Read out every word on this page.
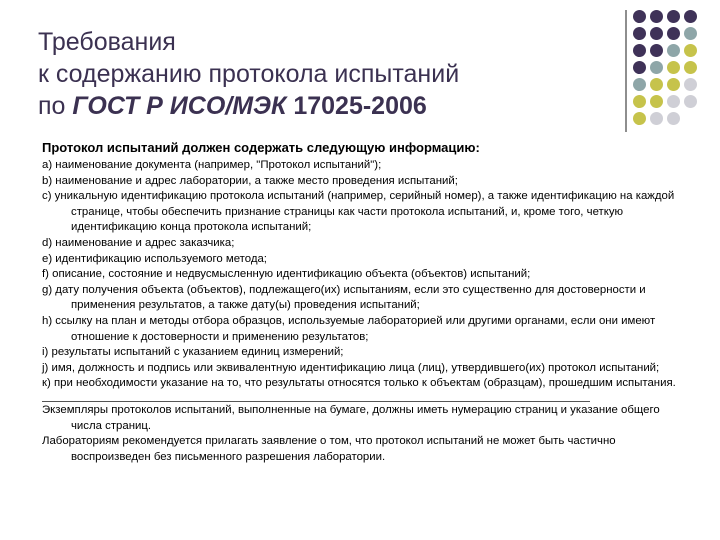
Требования
к содержанию протокола испытаний
по ГОСТ Р ИСО/МЭК 17025-2006
Протокол испытаний должен содержать следующую информацию:

a) наименование документа (например, "Протокол испытаний");

b) наименование и адрес лаборатории, а также место проведения испытаний;

c) уникальную идентификацию протокола испытаний (например, серийный номер), а также идентификацию на каждой странице, чтобы обеспечить признание страницы как части протокола испытаний, и, кроме того, четкую идентификацию конца протокола испытаний;

d) наименование и адрес заказчика;

e) идентификацию используемого метода;

f) описание, состояние и недвусмысленную идентификацию объекта (объектов) испытаний;

g) дату получения объекта (объектов), подлежащего(их) испытаниям, если это существенно для достоверности и применения результатов, а также дату(ы) проведения испытаний;

h) ссылку на план и методы отбора образцов, используемые лабораторией или другими органами, если они имеют отношение к достоверности и применению результатов;

i) результаты испытаний с указанием единиц измерений;

j) имя, должность и подпись или эквивалентную идентификацию лица (лиц), утвердившего(их) протокол испытаний;

к) при необходимости указание на то, что результаты относятся только к объектам (образцам), прошедшим испытания.

Экземпляры протоколов испытаний, выполненные на бумаге, должны иметь нумерацию страниц и указание общего числа страниц.

Лабораториям рекомендуется прилагать заявление о том, что протокол испытаний не может быть частично воспроизведен без письменного разрешения лаборатории.
